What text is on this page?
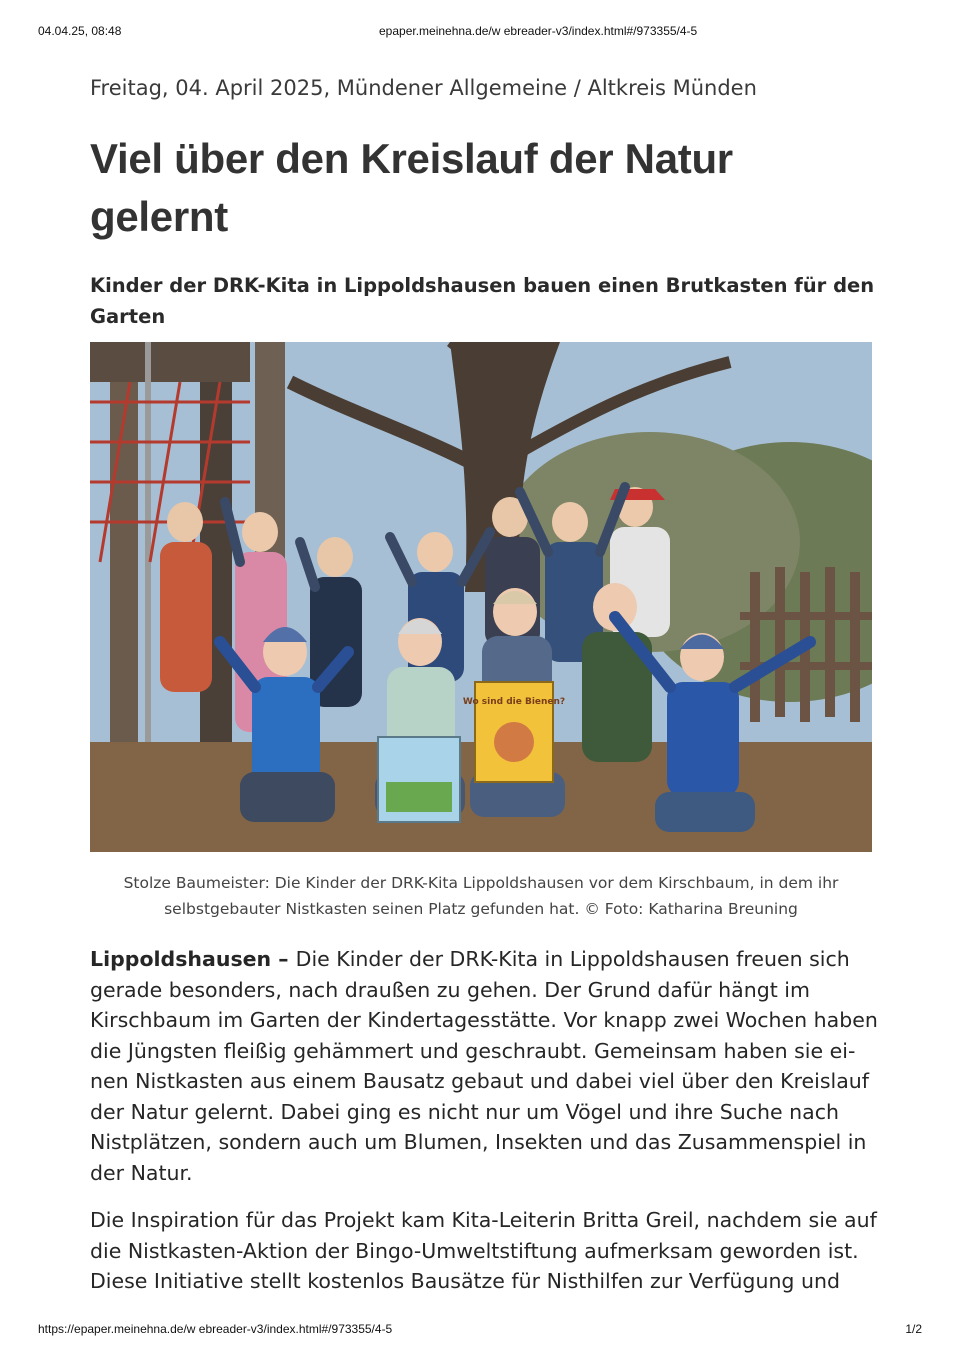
04.04.25, 08:48	epaper.meinehna.de/w ebreader-v3/index.html#/973355/4-5
Freitag, 04. April 2025, Mündener Allgemeine / Altkreis Münden
Viel über den Kreislauf der Natur
gelernt
Kinder der DRK-Kita in Lippoldshausen bauen einen Brutkasten für den
Garten
Wo sind die Bienen?
Stolze Baumeister: Die Kinder der DRK-Kita Lippoldshausen vor dem Kirschbaum, in dem ihr
selbstgebauter Nistkasten seinen Platz gefunden hat. © Foto: Katharina Breuning

Lippoldshausen – Die Kinder der DRK-Kita in Lippoldshausen freuen sich
gerade besonders, nach draußen zu gehen. Der Grund dafür hängt im
Kirschbaum im Garten der Kindertagesstätte. Vor knapp zwei Wochen haben
die Jüngsten fleißig gehämmert und geschraubt. Gemeinsam haben sie ei-
nen Nistkasten aus einem Bausatz gebaut und dabei viel über den Kreislauf
der Natur gelernt. Dabei ging es nicht nur um Vögel und ihre Suche nach
Nistplätzen, sondern auch um Blumen, Insekten und das Zusammenspiel in
der Natur.

Die Inspiration für das Projekt kam Kita-Leiterin Britta Greil, nachdem sie auf
die Nistkasten-Aktion der Bingo-Umweltstiftung aufmerksam geworden ist.
Diese Initiative stellt kostenlos Bausätze für Nisthilfen zur Verfügung und

https://epaper.meinehna.de/w ebreader-v3/index.html#/973355/4-5	1/2
